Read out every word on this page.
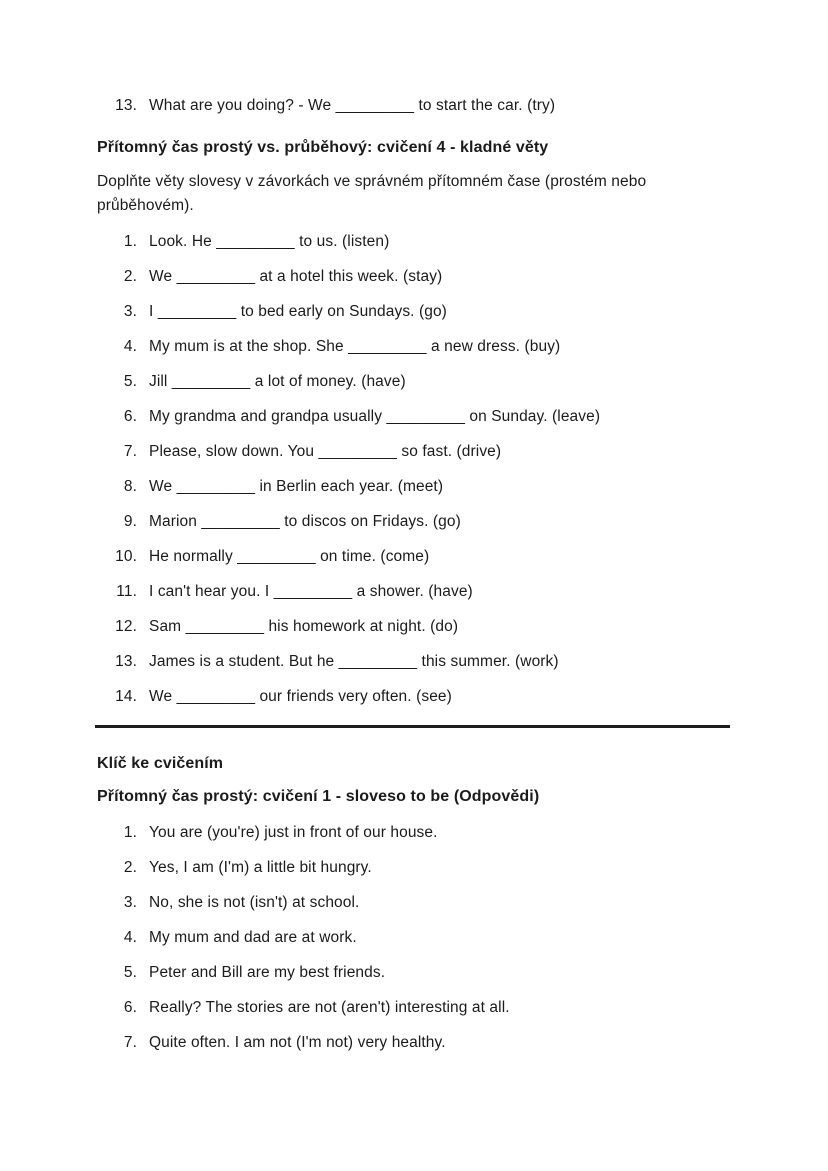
13. What are you doing? - We _________ to start the car. (try)

Přítomný čas prostý vs. průběhový: cvičení 4 - kladné věty

Doplňte věty slovesy v závorkách ve správném přítomném čase (prostém nebo průběhovém).

1. Look. He _________ to us. (listen)
2. We _________ at a hotel this week. (stay)
3. I _________ to bed early on Sundays. (go)
4. My mum is at the shop. She _________ a new dress. (buy)
5. Jill _________ a lot of money. (have)
6. My grandma and grandpa usually _________ on Sunday. (leave)
7. Please, slow down. You _________ so fast. (drive)
8. We _________ in Berlin each year. (meet)
9. Marion _________ to discos on Fridays. (go)
10. He normally _________ on time. (come)
11. I can't hear you. I _________ a shower. (have)
12. Sam _________ his homework at night. (do)
13. James is a student. But he _________ this summer. (work)
14. We _________ our friends very often. (see)

Klíč ke cvičením

Přítomný čas prostý: cvičení 1 - sloveso to be (Odpovědi)

1. You are (you're) just in front of our house.
2. Yes, I am (I'm) a little bit hungry.
3. No, she is not (isn't) at school.
4. My mum and dad are at work.
5. Peter and Bill are my best friends.
6. Really? The stories are not (aren't) interesting at all.
7. Quite often. I am not (I'm not) very healthy.
